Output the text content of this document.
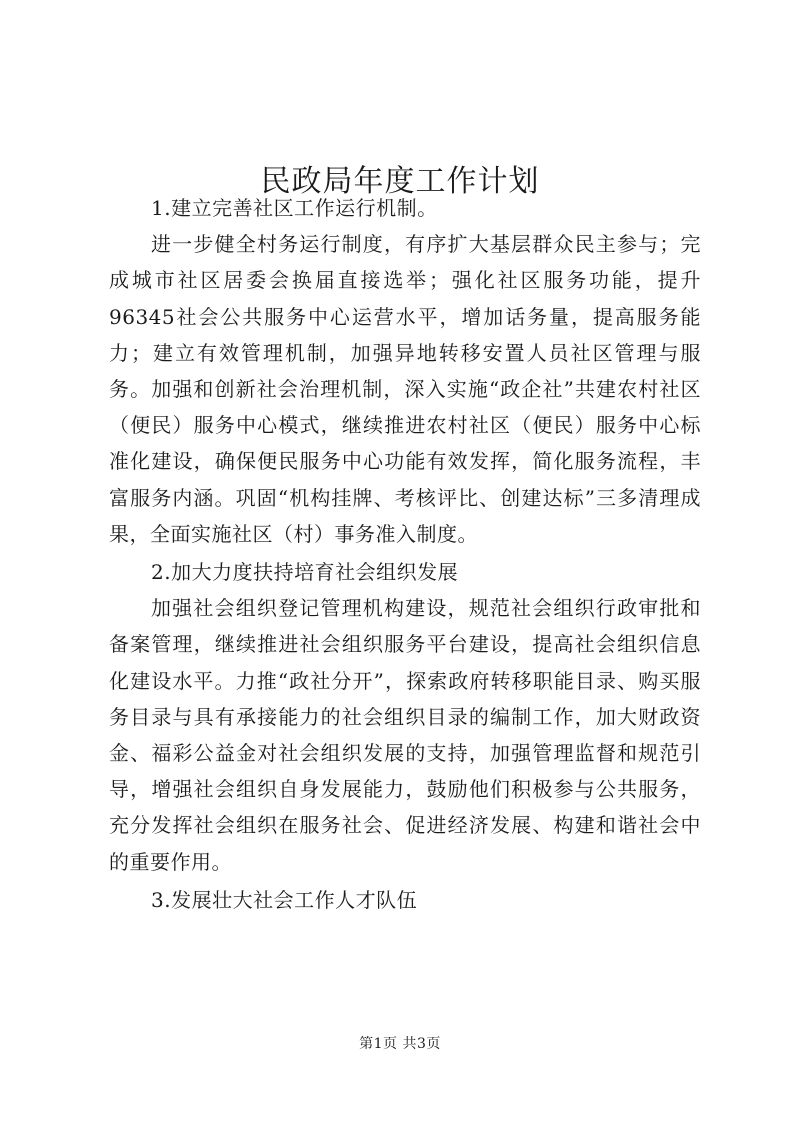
民政局年度工作计划

1.建立完善社区工作运行机制。

进一步健全村务运行制度，有序扩大基层群众民主参与；完成城市社区居委会换届直接选举；强化社区服务功能，提升96345社会公共服务中心运营水平，增加话务量，提高服务能力；建立有效管理机制，加强异地转移安置人员社区管理与服务。加强和创新社会治理机制，深入实施“政企社”共建农村社区（便民）服务中心模式，继续推进农村社区（便民）服务中心标准化建设，确保便民服务中心功能有效发挥，简化服务流程，丰富服务内涵。巩固“机构挂牌、考核评比、创建达标”三多清理成果，全面实施社区（村）事务准入制度。

2.加大力度扶持培育社会组织发展

加强社会组织登记管理机构建设，规范社会组织行政审批和备案管理，继续推进社会组织服务平台建设，提高社会组织信息化建设水平。力推“政社分开”，探索政府转移职能目录、购买服务目录与具有承接能力的社会组织目录的编制工作，加大财政资金、福彩公益金对社会组织发展的支持，加强管理监督和规范引导，增强社会组织自身发展能力，鼓励他们积极参与公共服务，充分发挥社会组织在服务社会、促进经济发展、构建和谐社会中的重要作用。

3.发展壮大社会工作人才队伍

第1页 共3页
